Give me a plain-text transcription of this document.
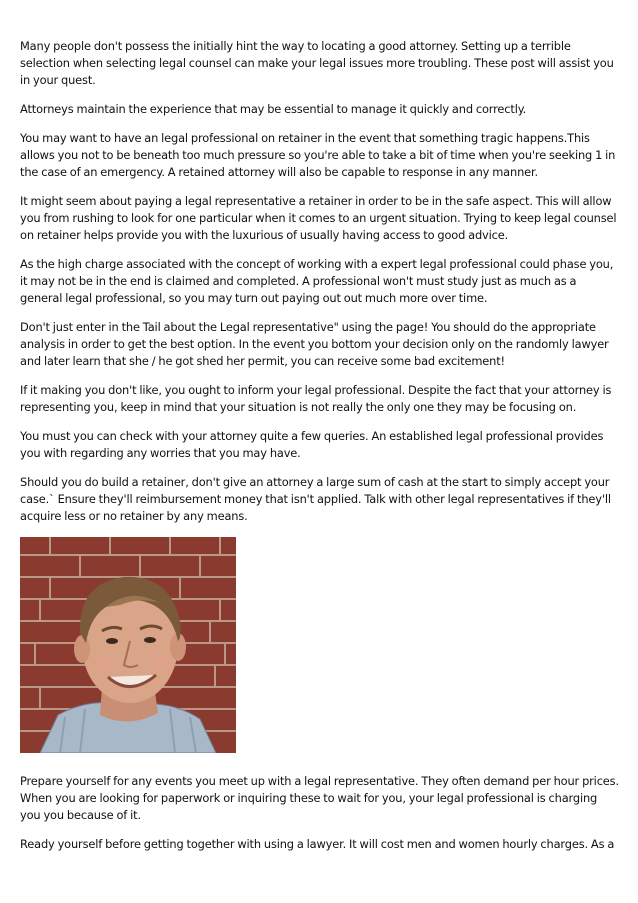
Many people don't possess the initially hint the way to locating a good attorney. Setting up a terrible selection when selecting legal counsel can make your legal issues more troubling. These post will assist you in your quest.

Attorneys maintain the experience that may be essential to manage it quickly and correctly.

You may want to have an legal professional on retainer in the event that something tragic happens.This allows you not to be beneath too much pressure so you're able to take a bit of time when you're seeking 1 in the case of an emergency. A retained attorney will also be capable to response in any manner.

It might seem about paying a legal representative a retainer in order to be in the safe aspect. This will allow you from rushing to look for one particular when it comes to an urgent situation. Trying to keep legal counsel on retainer helps provide you with the luxurious of usually having access to good advice.

As the high charge associated with the concept of working with a expert legal professional could phase you, it may not be in the end is claimed and completed. A professional won't must study just as much as a general legal professional, so you may turn out paying out out much more over time.

Don't just enter in the Tail about the Legal representative" using the page! You should do the appropriate analysis in order to get the best option. In the event you bottom your decision only on the randomly lawyer and later learn that she / he got shed her permit, you can receive some bad excitement!

If it making you don't like, you ought to inform your legal professional. Despite the fact that your attorney is representing you, keep in mind that your situation is not really the only one they may be focusing on.

You must you can check with your attorney quite a few queries. An established legal professional provides you with regarding any worries that you may have.

Should you do build a retainer, don't give an attorney a large sum of cash at the start to simply accept your case.` Ensure they'll reimbursement money that isn't applied. Talk with other legal representatives if they'll acquire less or no retainer by any means.

Prepare yourself for any events you meet up with a legal representative. They often demand per hour prices. When you are looking for paperwork or inquiring these to wait for you, your legal professional is charging you you because of it.

Ready yourself before getting together with using a lawyer. It will cost men and women hourly charges. As a
